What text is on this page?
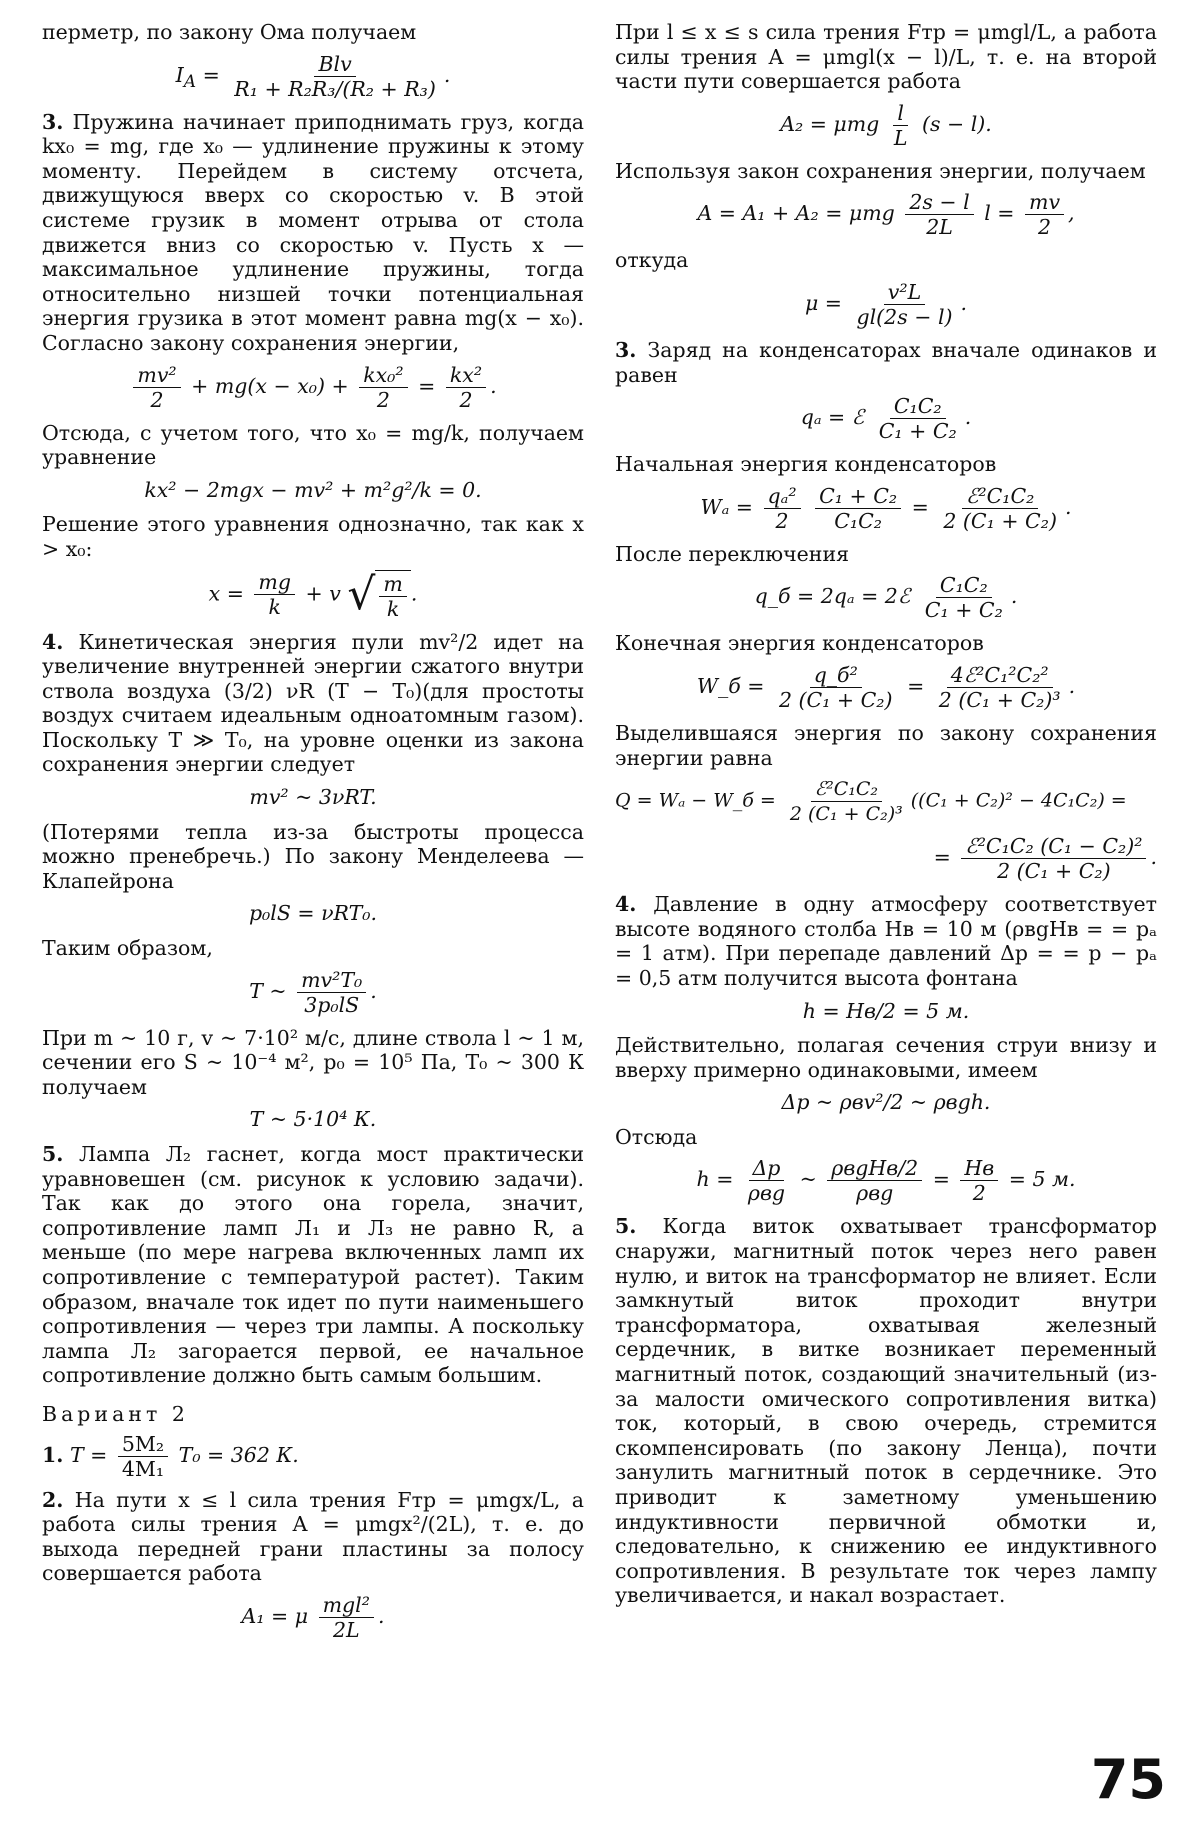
перметр, по закону Ома получаем

$I_A = \frac{\text{Blv}}{\text{R₁ + R₂R₃/(R₂ + R₃)}}$ .

3. Пружина начинает приподнимать груз, когда kx₀ = mg, где x₀ — удлинение пружины к этому моменту. Перейдем в систему отсчета, движущуюся вверх со скоростью v. В этой системе грузик в момент отрыва от стола движется вниз со скоростью v. Пусть x — максимальное удлинение пружины, тогда относительно низшей точки потенциальная энергия грузика в этот момент равна mg(x − x₀). Согласно закону сохранения энергии,

$\frac{\text{mv²}}{2} + mg(x - x_0) + \frac{\text{kx₀²}}{2} = \frac{\text{kx²}}{2}$ .

Отсюда, с учетом того, что x₀ = mg/k, получаем уравнение

kx² − 2mgx − mv² + m²g²/k = 0.

Решение этого уравнения однозначно, так как x > x₀:

$x = \frac{mg}{k} + v$ √ $\frac{m}{k}$ .

4. Кинетическая энергия пули mv²/2 идет на увеличение внутренней энергии сжатого внутри ствола воздуха (3/2) νR (T − T₀)(для простоты воздух считаем идеальным одноатомным газом). Поскольку T ≫ T₀, на уровне оценки из закона сохранения энергии следует

mv² ~ 3νRT.

(Потерями тепла из-за быстроты процесса можно пренебречь.) По закону Менделеева — Клапейрона

p₀lS = νRT₀.

Таким образом,

T ~ $\frac{\text{mv²T₀}}{\text{3p₀lS}}$ .

При m ~ 10 г, v ~ 7·10² м/с, длине ствола l ~ 1 м, сечении его S ~ 10⁻⁴ м², p₀ = 10⁵ Па, T₀ ~ 300 К получаем

T ~ 5·10⁴ К.

5. Лампа Л₂ гаснет, когда мост практически уравновешен (см. рисунок к условию задачи). Так как до этого она горела, значит, сопротивление ламп Л₁ и Л₃ не равно R, а меньше (по мере нагрева включенных ламп их сопротивление с температурой растет). Таким образом, вначале ток идет по пути наименьшего сопротивления — через три лампы. А поскольку лампа Л₂ загорается первой, ее начальное сопротивление должно быть самым большим.

Вариант 2

1. $T = \frac{\text{5M₂}}{\text{4M₁}} T_0 = 362$ К.

2. На пути x ≤ l сила трения Fтр = μmgx/L, а работа силы трения A = μmgx²/(2L), т. е. до выхода передней грани пластины за полосу совершается работа

A₁ = μ $\frac{\text{mgl²}}{2L}$ .

При l ≤ x ≤ s сила трения Fтр = μmgl/L, а работа силы трения A = μmgl(x − l)/L, т. е. на второй части пути совершается работа

A₂ = μmg $\frac{l}{L} (s - l)$.

Используя закон сохранения энергии, получаем

A = A₁ + A₂ = μmg $\frac{2s - l}{2L}$ $l = \frac{mv}{2}$ ,

откуда

$\mu = \frac{\text{v²L}}{gl(2s - l)}$ .

3. Заряд на конденсаторах вначале одинаков и равен

qₐ = ℰ $\frac{\text{C₁C₂}}{\text{C₁ + C₂}}$ .

Начальная энергия конденсаторов

$W_a = \frac{\text{qₐ²}}{2}$
$\frac{\text{C₁ + C₂}}{\text{C₁C₂}} = \frac{\text{ℰ²C₁C₂}}{\text{2 (C₁ + C₂)}}$ .

После переключения

q_б = 2qₐ = 2ℰ $\frac{\text{C₁C₂}}{\text{C₁ + C₂}}$ .

Конечная энергия конденсаторов

W_б = $\frac{\text{q\_б²}}{\text{2 (C₁ + C₂)}} = \frac{\text{4ℰ²C₁²C₂²}}{\text{2 (C₁ + C₂)³}}$ .

Выделившаяся энергия по закону сохранения энергии равна

Q = Wₐ − W_б = $\frac{\text{ℰ²C₁C₂}}{\text{2 (C₁ + C₂)³}} ((C_1 + C_2)^2 - 4C_1C_2)$ =
= $\frac{\text{ℰ²C₁C₂ (C₁ − C₂)²}}{\text{2 (C₁ + C₂)}}$ .

4. Давление в одну атмосферу соответствует высоте водяного столба Hв = 10 м (ρвgHв = = pₐ = 1 атм). При перепаде давлений Δp = = p − pₐ = 0,5 атм получится высота фонтана

h = Hв/2 = 5 м.

Действительно, полагая сечения струи внизу и вверху примерно одинаковыми, имеем

Δp ~ ρвv²/2 ~ ρвgh.

Отсюда

$h = \frac{\Delta p}{\text{ρвg}}$ ~ $\frac{\text{ρвgHв/2}}{\text{ρвg}} = \frac{Hв}{2} = 5$ м.

5. Когда виток охватывает трансформатор снаружи, магнитный поток через него равен нулю, и виток на трансформатор не влияет. Если замкнутый виток проходит внутри трансформатора, охватывая железный сердечник, в витке возникает переменный магнитный поток, создающий значительный (из-за малости омического сопротивления витка) ток, который, в свою очередь, стремится скомпенсировать (по закону Ленца), почти занулить магнитный поток в сердечнике. Это приводит к заметному уменьшению индуктивности первичной обмотки и, следовательно, к снижению ее индуктивного сопротивления. В результате ток через лампу увеличивается, и накал возрастает.

75
